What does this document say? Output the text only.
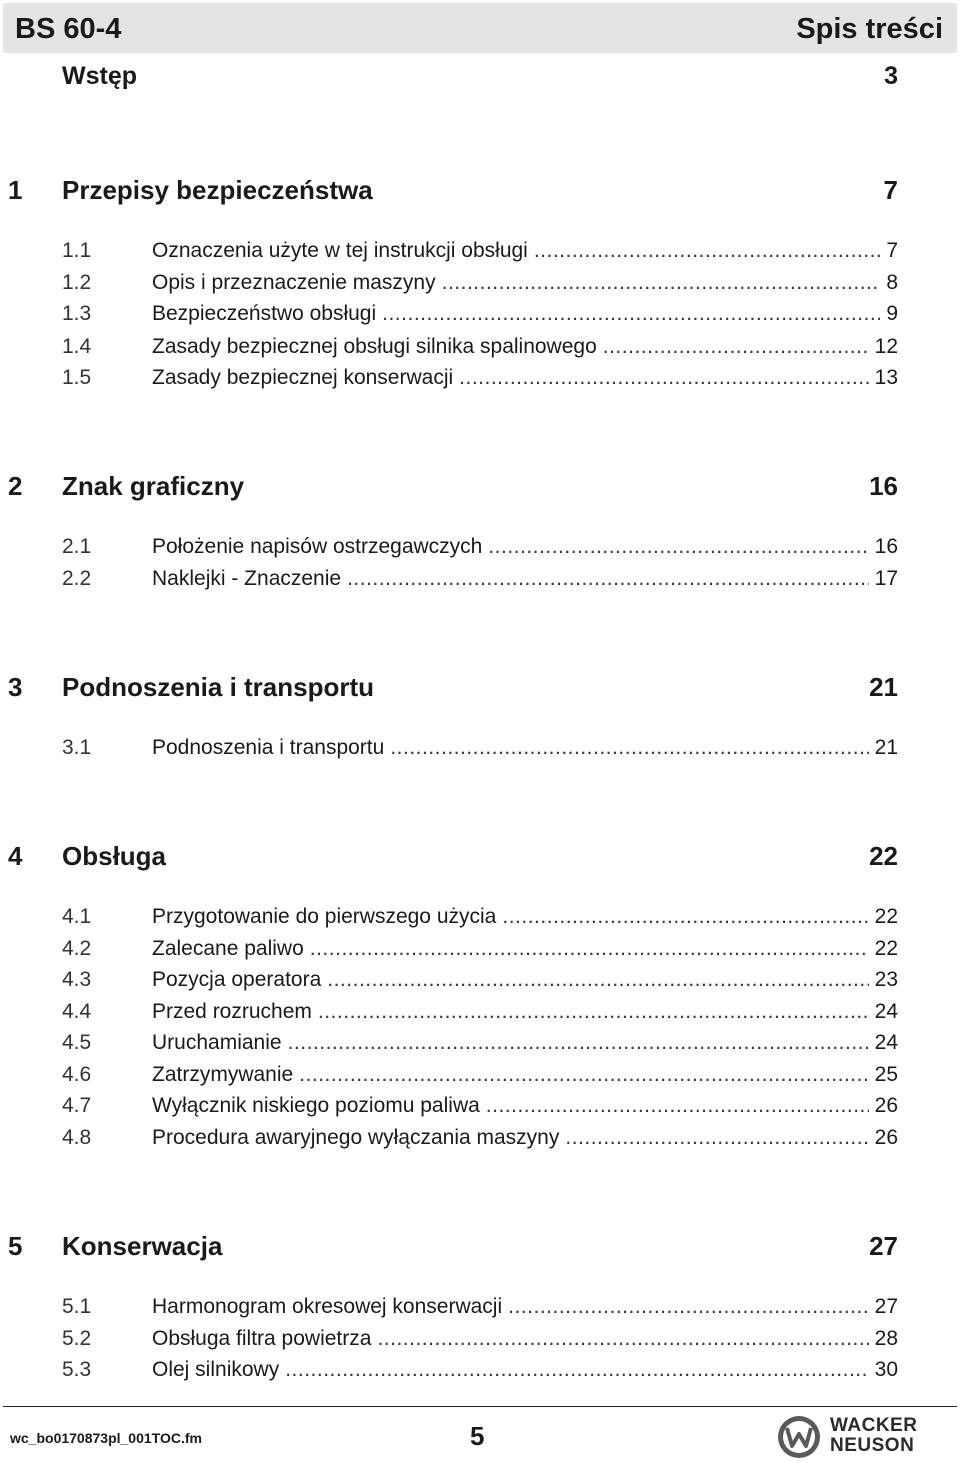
BS 60-4	Spis treści
Wstęp	3
1 Przepisy bezpieczeństwa	7
1.1	Oznaczenia użyte w tej instrukcji obsługi .....	7
1.2	Opis i przeznaczenie maszyny .....	8
1.3	Bezpieczeństwo obsługi .....	9
1.4	Zasady bezpiecznej obsługi silnika spalinowego .....	12
1.5	Zasady bezpiecznej konserwacji .....	13
2 Znak graficzny	16
2.1	Położenie napisów ostrzegawczych .....	16
2.2	Naklejki - Znaczenie .....	17
3 Podnoszenia i transportu	21
3.1	Podnoszenia i transportu .....	21
4 Obsługa	22
4.1	Przygotowanie do pierwszego użycia .....	22
4.2	Zalecane paliwo .....	22
4.3	Pozycja operatora .....	23
4.4	Przed rozruchem .....	24
4.5	Uruchamianie .....	24
4.6	Zatrzymywanie .....	25
4.7	Wyłącznik niskiego poziomu paliwa .....	26
4.8	Procedura awaryjnego wyłączania maszyny .....	26
5 Konserwacja	27
5.1	Harmonogram okresowej konserwacji .....	27
5.2	Obsługa filtra powietrza .....	28
5.3	Olej silnikowy .....	30
wc_bo0170873pl_001TOC.fm	5	WACKER
NEUSON
